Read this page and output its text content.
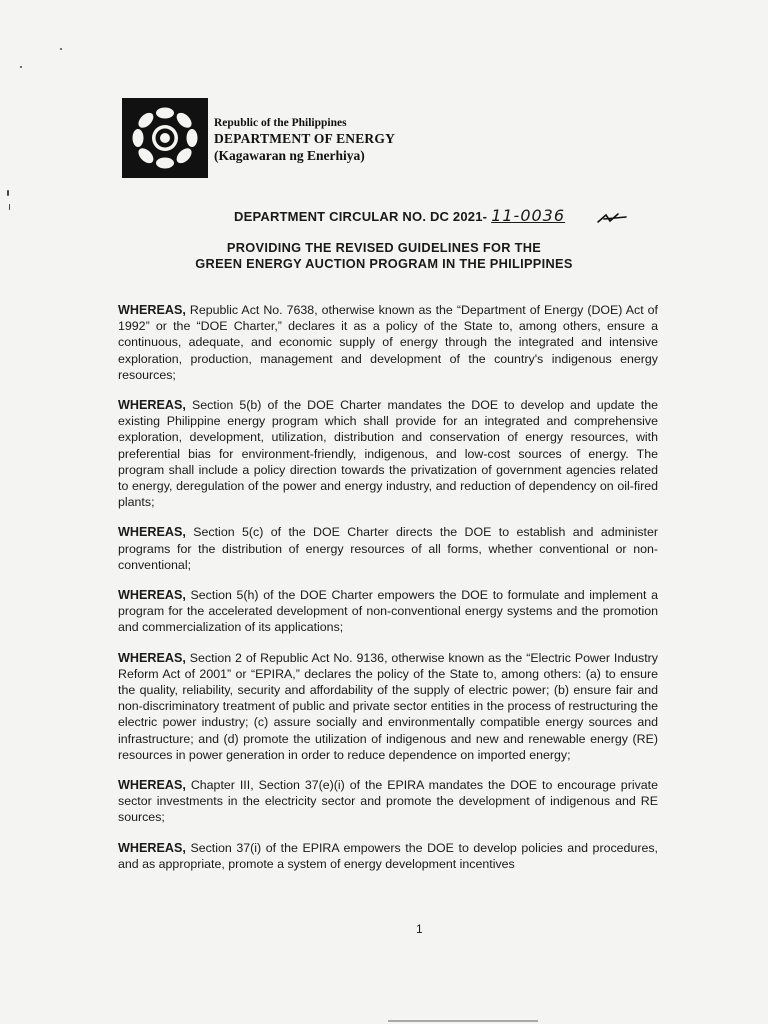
Republic of the Philippines
DEPARTMENT OF ENERGY
(Kagawaran ng Enerhiya)
DEPARTMENT CIRCULAR NO. DC 2021- 11-0036
PROVIDING THE REVISED GUIDELINES FOR THE
GREEN ENERGY AUCTION PROGRAM IN THE PHILIPPINES

WHEREAS, Republic Act No. 7638, otherwise known as the “Department of Energy (DOE) Act of 1992” or the “DOE Charter,” declares it as a policy of the State to, among others, ensure a continuous, adequate, and economic supply of energy through the integrated and intensive exploration, production, management and development of the country's indigenous energy resources;

WHEREAS, Section 5(b) of the DOE Charter mandates the DOE to develop and update the existing Philippine energy program which shall provide for an integrated and comprehensive exploration, development, utilization, distribution and conservation of energy resources, with preferential bias for environment-friendly, indigenous, and low-cost sources of energy. The program shall include a policy direction towards the privatization of government agencies related to energy, deregulation of the power and energy industry, and reduction of dependency on oil-fired plants;

WHEREAS, Section 5(c) of the DOE Charter directs the DOE to establish and administer programs for the distribution of energy resources of all forms, whether conventional or non-conventional;

WHEREAS, Section 5(h) of the DOE Charter empowers the DOE to formulate and implement a program for the accelerated development of non-conventional energy systems and the promotion and commercialization of its applications;

WHEREAS, Section 2 of Republic Act No. 9136, otherwise known as the “Electric Power Industry Reform Act of 2001” or “EPIRA,” declares the policy of the State to, among others: (a) to ensure the quality, reliability, security and affordability of the supply of electric power; (b) ensure fair and non-discriminatory treatment of public and private sector entities in the process of restructuring the electric power industry; (c) assure socially and environmentally compatible energy sources and infrastructure; and (d) promote the utilization of indigenous and new and renewable energy (RE) resources in power generation in order to reduce dependence on imported energy;

WHEREAS, Chapter III, Section 37(e)(i) of the EPIRA mandates the DOE to encourage private sector investments in the electricity sector and promote the development of indigenous and RE sources;

WHEREAS, Section 37(i) of the EPIRA empowers the DOE to develop policies and procedures, and as appropriate, promote a system of energy development incentives

1
